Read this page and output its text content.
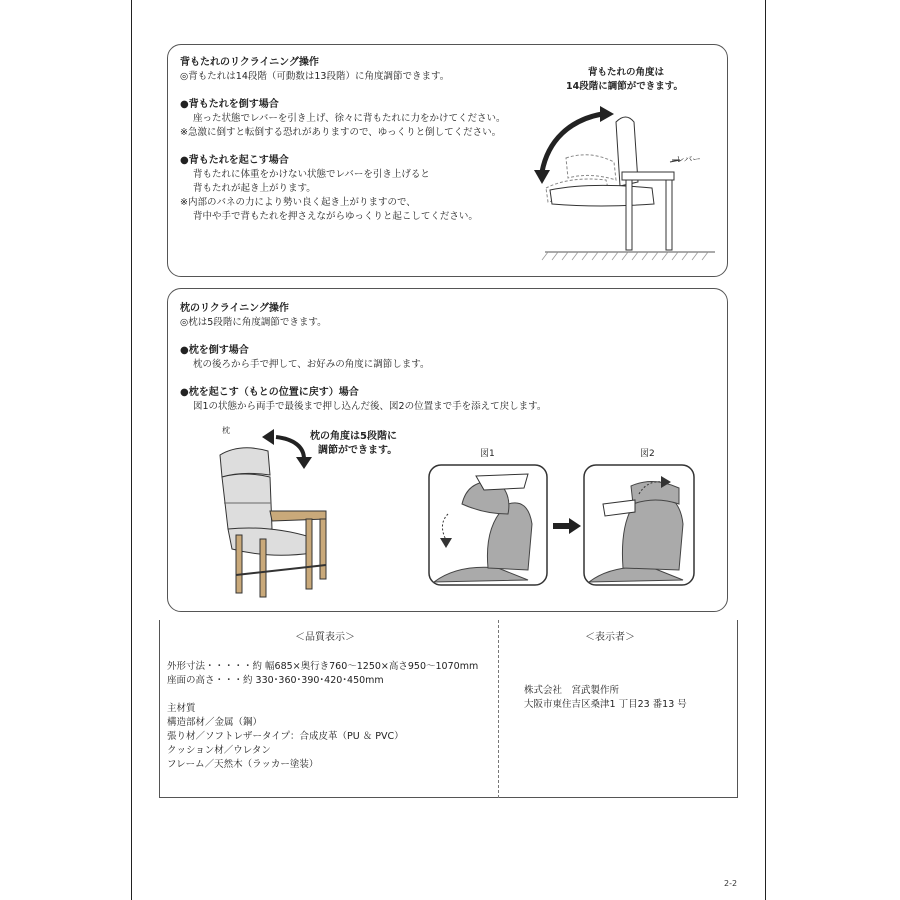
背もたれのリクライニング操作
◎背もたれは14段階（可動数は13段階）に角度調節できます。
●背もたれを倒す場合
座った状態でレバーを引き上げ、徐々に背もたれに力をかけてください。
※急激に倒すと転倒する恐れがありますので、ゆっくりと倒してください。
●背もたれを起こす場合
背もたれに体重をかけない状態でレバーを引き上げると
背もたれが起き上がります。
※内部のバネの力により勢い良く起き上がりますので、
背中や手で背もたれを押さえながらゆっくりと起こしてください。
背もたれの角度は
14段階に調節ができます。
レバー
枕のリクライニング操作
◎枕は5段階に角度調節できます。
●枕を倒す場合
枕の後ろから手で押して、お好みの角度に調節します。
●枕を起こす（もとの位置に戻す）場合
図1の状態から両手で最後まで押し込んだ後、図2の位置まで手を添えて戻します。
枕
枕の角度は5段階に
調節ができます。	図1	図2
＜品質表示＞
外形寸法・・・・・約 幅685×奥行き760〜1250×高さ950〜1070mm
座面の高さ・・・約 330･360･390･420･450mm
主材質
構造部材／金属（鋼）
張り材／ソフトレザータイプ：合成皮革（PU ＆ PVC）
クッション材／ウレタン
フレーム／天然木（ラッカー塗装）
＜表示者＞
株式会社　宮武製作所
大阪市東住吉区桑津1 丁目23 番13 号
2-2
